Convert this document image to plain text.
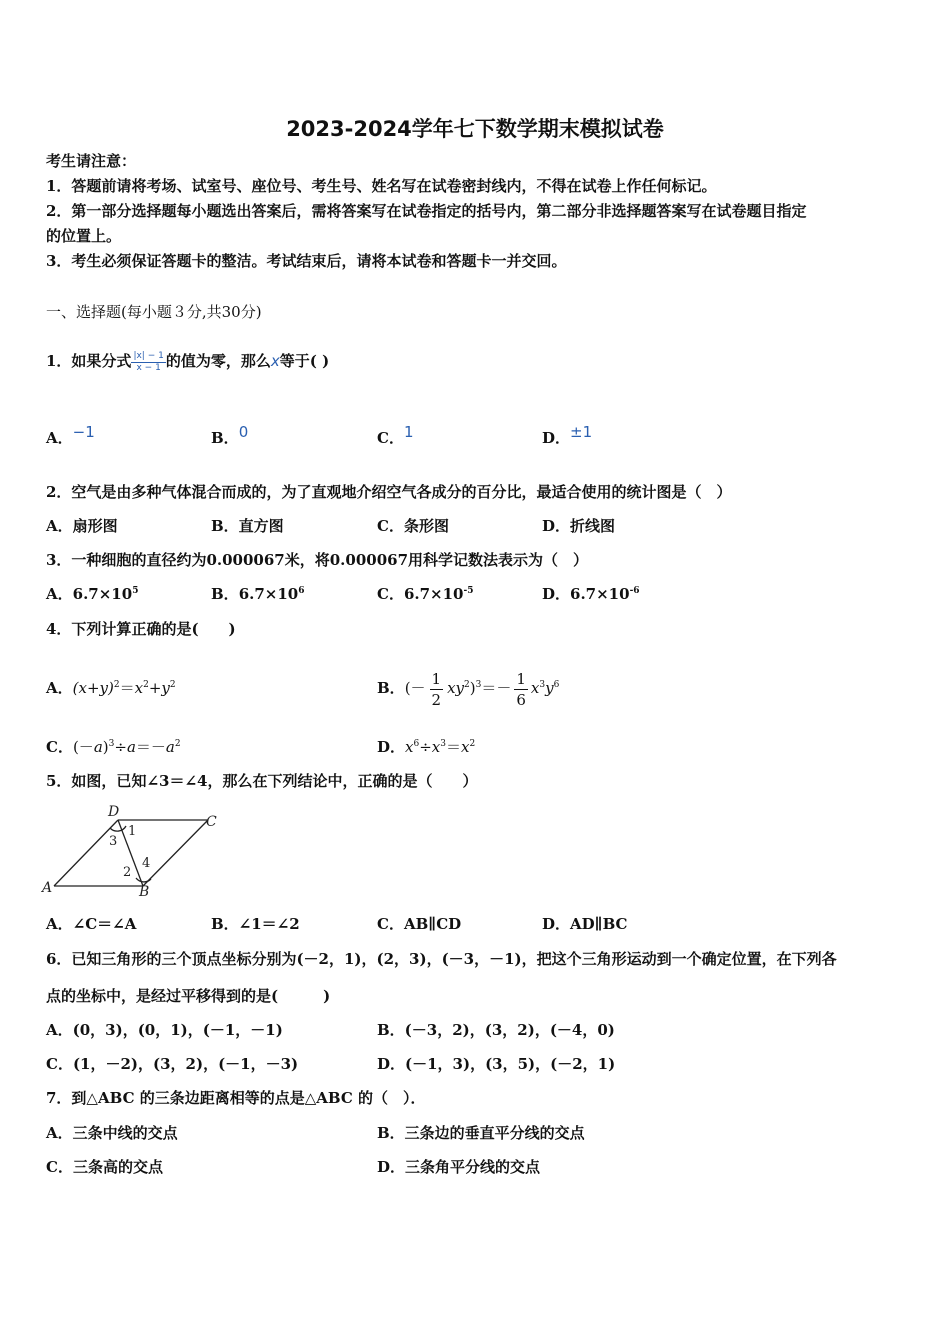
2023-2024学年七下数学期末模拟试卷
考生请注意：
1．答题前请将考场、试室号、座位号、考生号、姓名写在试卷密封线内，不得在试卷上作任何标记。
2．第一部分选择题每小题选出答案后，需将答案写在试卷指定的括号内，第二部分非选择题答案写在试卷题目指定
的位置上。
3．考生必须保证答题卡的整洁。考试结束后，请将本试卷和答题卡一并交回。
一、选择题(每小题３分,共30分)
1．如果分式 $\frac{|x| - 1}{x - 1}$ 的值为零，那么x等于( )
A．−1	B．0	C．1	D．±1
2．空气是由多种气体混合而成的，为了直观地介绍空气各成分的百分比，最适合使用的统计图是（　）
A．扇形图	B．直方图	C．条形图	D．折线图
3．一种细胞的直径约为0.000067米，将0.000067用科学记数法表示为（　）
A．$6.7\times 10^5$	B．$6.7\times 10^6$	C．$6.7\times 10^{-5}$	D．$6.7\times 10^{-6}$
4．下列计算正确的是(　　)
A．$(x+y)^2=x^2+y^2$	B．(－ $\frac{1}{2} xy^2)^3=- \frac{1}{6} x^3y^6$
C．$(-a)^3\div a=-a^2$	D．$x^6\div x^3=x^2$
5．如图，已知∠3＝∠4，那么在下列结论中，正确的是（　　）
A	B
C
D
1
2
3
4
A．∠C＝∠A	B．∠1＝∠2	C．AB∥CD	D．AD∥BC
6．已知三角形的三个顶点坐标分别为(－2，1)，(2，3)，(－3，－1)，把这个三角形运动到一个确定位置，在下列各
点的坐标中，是经过平移得到的是(　　　)
A．(0，3)，(0，1)，(－1，－1)	B．(－3，2)，(3，2)，(－4，0)
C．(1，－2)，(3，2)，(－1，－3)	D．(－1，3)，(3，5)，(－2，1)
7．到△ABC 的三条边距离相等的点是△ABC 的（　）．
A．三条中线的交点	B．三条边的垂直平分线的交点
C．三条高的交点	D．三条角平分线的交点
